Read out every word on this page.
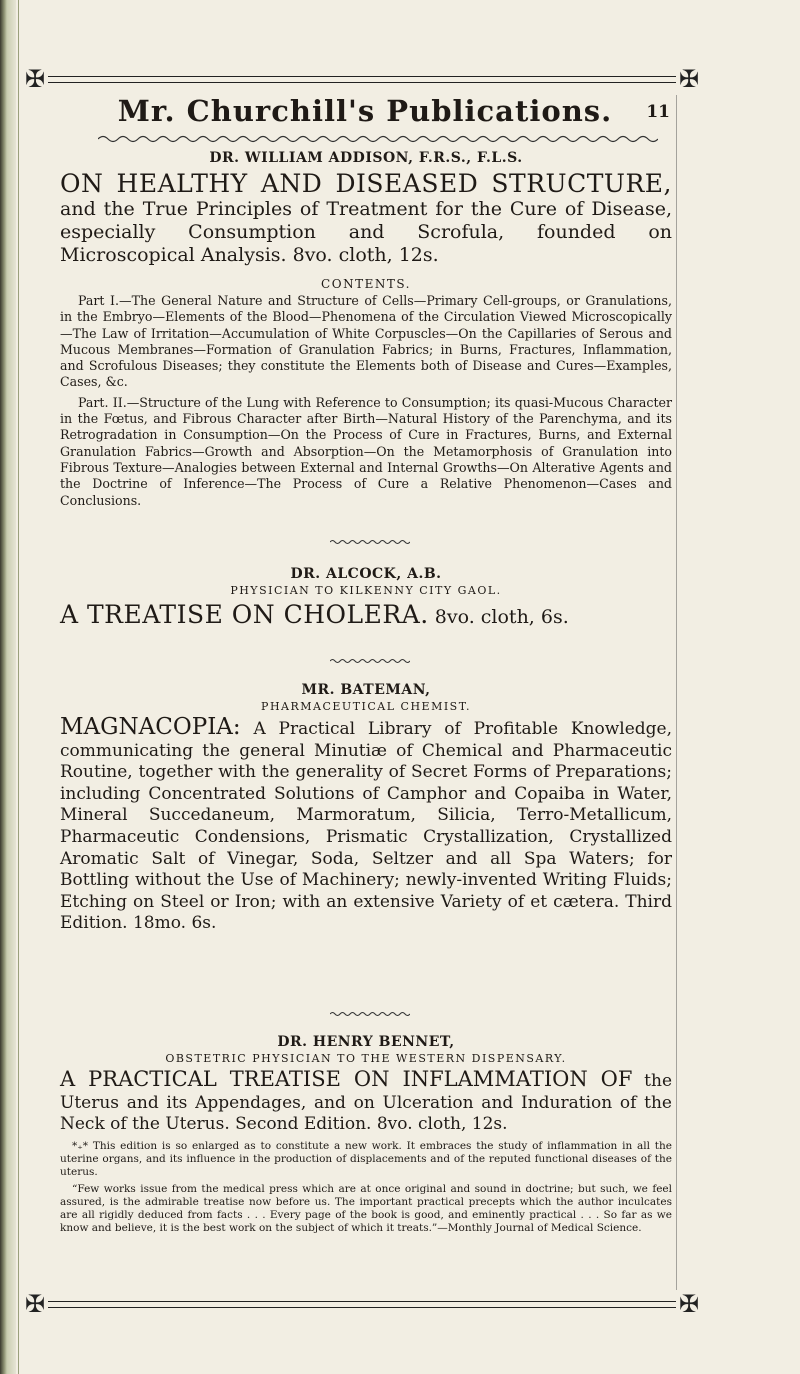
✠	✠
✠	✠
Mr. Churchill's Publications.	11

DR. WILLIAM ADDISON, F.R.S., F.L.S.

ON HEALTHY AND DISEASED STRUCTURE, and the True Principles of Treatment for the Cure of Disease, especially Consumption and Scrofula, founded on Microscopical Analysis. 8vo. cloth, 12s.

CONTENTS.

Part I.—The General Nature and Structure of Cells—Primary Cell-groups, or Granulations, in the Embryo—Elements of the Blood—Phenomena of the Circulation Viewed Microscopically—The Law of Irritation—Accumulation of White Corpuscles—On the Capillaries of Serous and Mucous Membranes—Formation of Granulation Fabrics; in Burns, Fractures, Inflammation, and Scrofulous Diseases; they constitute the Elements both of Disease and Cures—Examples, Cases, &c.

Part. II.—Structure of the Lung with Reference to Consumption; its quasi-Mucous Character in the Fœtus, and Fibrous Character after Birth—Natural History of the Parenchyma, and its Retrogradation in Consumption—On the Process of Cure in Fractures, Burns, and External Granulation Fabrics—Growth and Absorption—On the Metamorphosis of Granulation into Fibrous Texture—Analogies between External and Internal Growths—On Alterative Agents and the Doctrine of Inference—The Process of Cure a Relative Phenomenon—Cases and Conclusions.

DR. ALCOCK, A.B.

PHYSICIAN TO KILKENNY CITY GAOL.

A TREATISE ON CHOLERA. 8vo. cloth, 6s.

MR. BATEMAN,

PHARMACEUTICAL CHEMIST.

MAGNACOPIA: A Practical Library of Profitable Knowledge, communicating the general Minutiæ of Chemical and Pharmaceutic Routine, together with the generality of Secret Forms of Preparations; including Concentrated Solutions of Camphor and Copaiba in Water, Mineral Succedaneum, Marmoratum, Silicia, Terro-Metallicum, Pharmaceutic Condensions, Prismatic Crystallization, Crystallized Aromatic Salt of Vinegar, Soda, Seltzer and all Spa Waters; for Bottling without the Use of Machinery; newly-invented Writing Fluids; Etching on Steel or Iron; with an extensive Variety of et cætera. Third Edition. 18mo. 6s.

DR. HENRY BENNET,

OBSTETRIC PHYSICIAN TO THE WESTERN DISPENSARY.

A PRACTICAL TREATISE ON INFLAMMATION OF the Uterus and its Appendages, and on Ulceration and Induration of the Neck of the Uterus. Second Edition. 8vo. cloth, 12s.

*₊* This edition is so enlarged as to constitute a new work. It embraces the study of inflammation in all the uterine organs, and its influence in the production of displacements and of the reputed functional diseases of the uterus.

“Few works issue from the medical press which are at once original and sound in doctrine; but such, we feel assured, is the admirable treatise now before us. The important practical precepts which the author inculcates are all rigidly deduced from facts . . . Every page of the book is good, and eminently practical . . . So far as we know and believe, it is the best work on the subject of which it treats.”—Monthly Journal of Medical Science.
